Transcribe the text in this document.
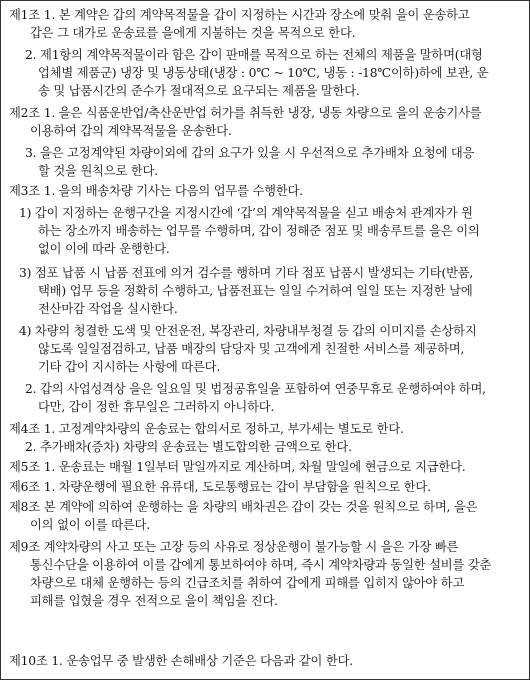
제1조 1. 본 계약은 갑의 계약목적물을 갑이 지정하는 시간과 장소에 맞춰 을이 운송하고

갑은 그 대가로 운송료를 을에게 지불하는 것을 목적으로 한다.

2. 제1항의 계약목적물이라 함은 갑이 판매를 목적으로 하는 전체의 제품을 말하며(대형

업체별 제품군) 냉장 및 냉동상태(냉장 : 0℃ ~ 10℃, 냉동 : -18℃이하)하에 보관, 운

송 및 납품시간의 준수가 절대적으로 요구되는 제품을 말한다.

제2조 1. 을은 식품운반업/축산운반업 허가를 취득한 냉장, 냉동 차량으로 을의 운송기사를

이용하여 갑의 계약목적물을 운송한다.

3. 을은 고정계약된 차량이외에 갑의 요구가 있을 시 우선적으로 추가배차 요청에 대응

할 것을 원칙으로 한다.

제3조 1. 을의 배송차량 기사는 다음의 업무를 수행한다.

1) 갑이 지정하는 운행구간을 지정시간에 ‘갑’의 계약목적물을 싣고 배송처 관계자가 원

하는 장소까지 배송하는 업무를 수행하며, 갑이 정해준 점포 및 배송루트를 을은 이의

없이 이에 따라 운행한다.

3) 점포 납품 시 납품 전표에 의거 검수를 행하며 기타 점포 납품시 발생되는 기타(반품,

택배) 업무 등을 정확히 수행하고, 납품전표는 일일 수거하여 일일 또는 지정한 날에

전산마감 작업을 실시한다.

4) 차량의 청결한 도색 및 안전운전, 복장관리, 차량내부청결 등 갑의 이미지를 손상하지

않도록 일일점검하고, 납품 매장의 담당자 및 고객에게 친절한 서비스를 제공하며,

기타 갑이 지시하는 사항에 따른다.

2. 갑의 사업성격상 을은 일요일 및 법정공휴일을 포함하여 연중무휴로 운행하여야 하며,

다만, 갑이 정한 휴무일은 그러하지 아니하다.

제4조 1. 고정계약차량의 운송료는 합의서로 정하고, 부가세는 별도로 한다.

2. 추가배차(증차) 차량의 운송료는 별도합의한 금액으로 한다.

제5조 1. 운송료는 매월 1일부터 말일까지로 계산하며, 차월 말일에 현금으로 지급한다.

제6조 1. 차량운행에 필요한 유류대, 도로통행료는 갑이 부담함을 원칙으로 한다.

제8조 본 계약에 의하여 운행하는 을 차량의 배차권은 갑이 갖는 것을 원칙으로 하며, 을은

이의 없이 이를 따른다.

제9조 계약차량의 사고 또는 고장 등의 사유로 정상운행이 불가능할 시 을은 가장 빠른

통신수단을 이용하여 이를 갑에게 통보하여야 하며, 즉시 계약차량과 동일한 설비를 갖춘

차량으로 대체 운행하는 등의 긴급조치를 취하여 갑에게 피해를 입히지 않아야 하고

피해를 입혔을 경우 전적으로 을이 책임을 진다.

제10조 1. 운송업무 중 발생한 손해배상 기준은 다음과 같이 한다.
